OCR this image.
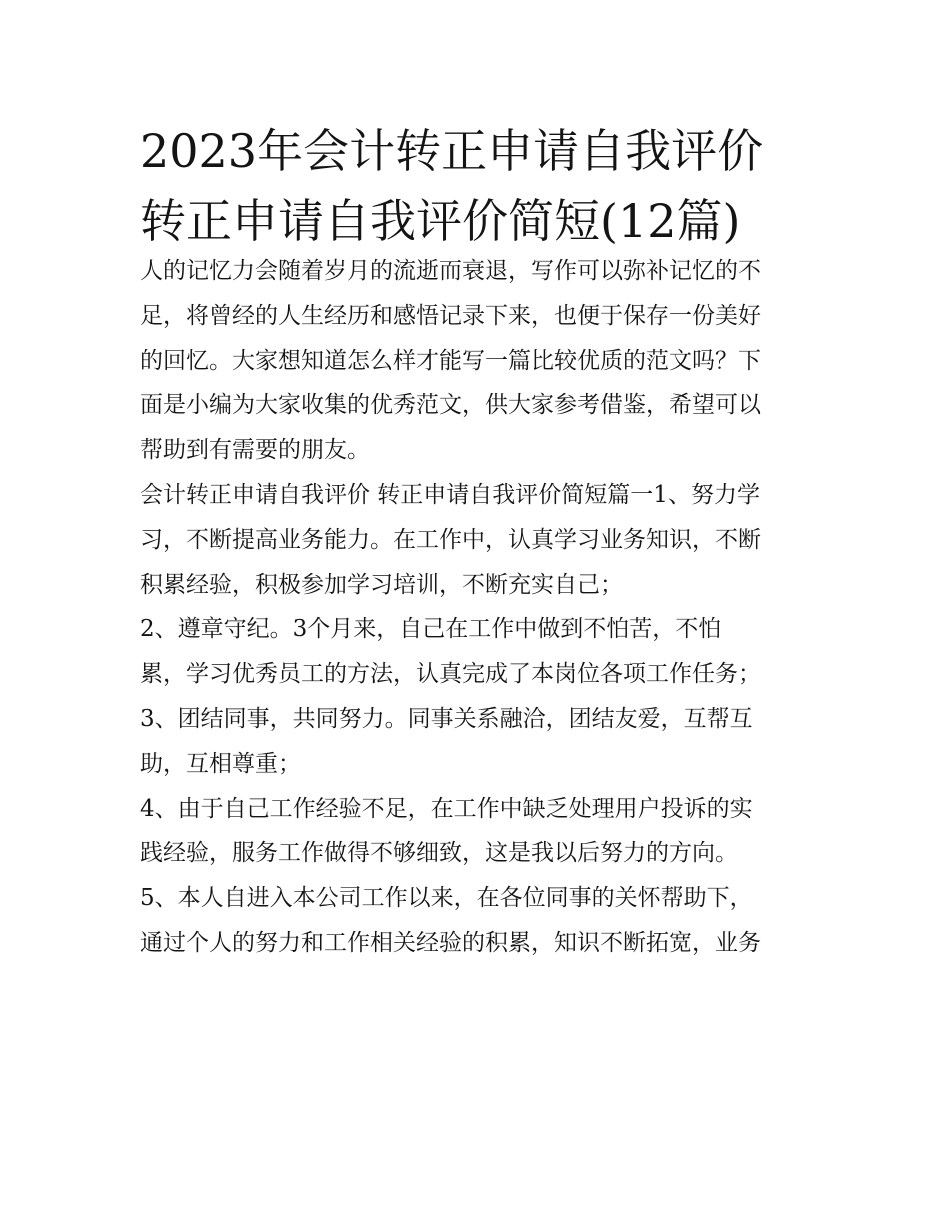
2023年会计转正申请自我评价
转正申请自我评价简短(12篇)
人的记忆力会随着岁月的流逝而衰退，写作可以弥补记忆的不
足，将曾经的人生经历和感悟记录下来，也便于保存一份美好
的回忆。大家想知道怎么样才能写一篇比较优质的范文吗？下
面是小编为大家收集的优秀范文，供大家参考借鉴，希望可以
帮助到有需要的朋友。
会计转正申请自我评价 转正申请自我评价简短篇一1、努力学
习，不断提高业务能力。在工作中，认真学习业务知识，不断
积累经验，积极参加学习培训，不断充实自己；
2、遵章守纪。3个月来，自己在工作中做到不怕苦，不怕
累，学习优秀员工的方法，认真完成了本岗位各项工作任务；
3、团结同事，共同努力。同事关系融洽，团结友爱，互帮互
助，互相尊重；
4、由于自己工作经验不足，在工作中缺乏处理用户投诉的实
践经验，服务工作做得不够细致，这是我以后努力的方向。
5、本人自进入本公司工作以来，在各位同事的关怀帮助下，
通过个人的努力和工作相关经验的积累，知识不断拓宽，业务
